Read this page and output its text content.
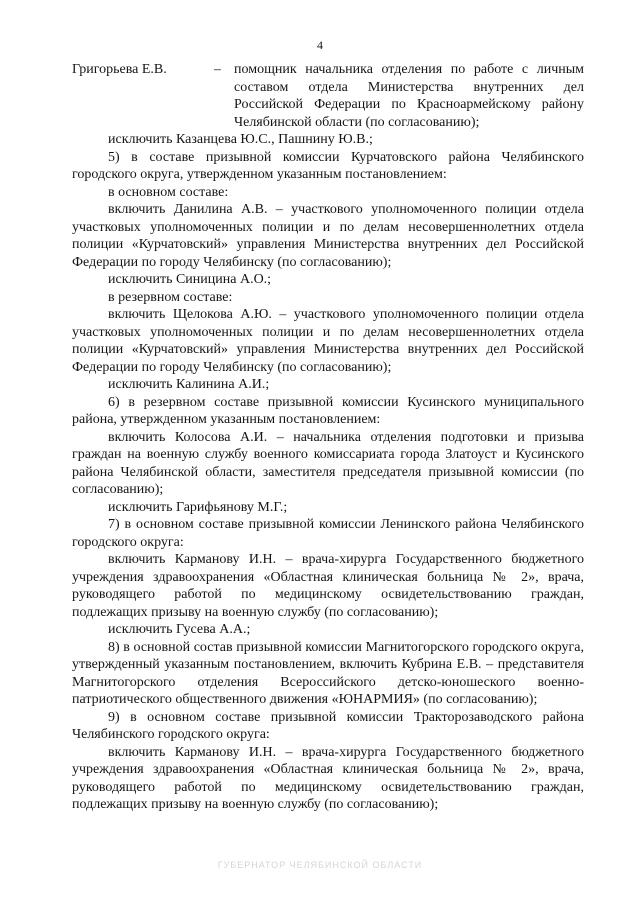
4
Григорьева Е.В.	– помощник начальника отделения по работе с личным составом отдела Министерства внутренних дел Российской Федерации по Красноармейскому району Челябинской области (по согласованию);

исключить Казанцева Ю.С., Пашнину Ю.В.;

5) в составе призывной комиссии Курчатовского района Челябинского городского округа, утвержденном указанным постановлением:

в основном составе:

включить Данилина А.В. – участкового уполномоченного полиции отдела участковых уполномоченных полиции и по делам несовершеннолетних отдела полиции «Курчатовский» управления Министерства внутренних дел Российской Федерации по городу Челябинску (по согласованию);

исключить Синицина А.О.;

в резервном составе:

включить Щелокова А.Ю. – участкового уполномоченного полиции отдела участковых уполномоченных полиции и по делам несовершеннолетних отдела полиции «Курчатовский» управления Министерства внутренних дел Российской Федерации по городу Челябинску (по согласованию);

исключить Калинина А.И.;

6) в резервном составе призывной комиссии Кусинского муниципального района, утвержденном указанным постановлением:

включить Колосова А.И. – начальника отделения подготовки и призыва граждан на военную службу военного комиссариата города Златоуст и Кусинского района Челябинской области, заместителя председателя призывной комиссии (по согласованию);

исключить Гарифьянову М.Г.;

7) в основном составе призывной комиссии Ленинского района Челябинского городского округа:

включить Карманову И.Н. – врача-хирурга Государственного бюджетного учреждения здравоохранения «Областная клиническая больница № 2», врача, руководящего работой по медицинскому освидетельствованию граждан, подлежащих призыву на военную службу (по согласованию);

исключить Гусева А.А.;

8) в основной состав призывной комиссии Магнитогорского городского округа, утвержденный указанным постановлением, включить Кубрина Е.В. – представителя Магнитогорского отделения Всероссийского детско-юношеского военно-патриотического общественного движения «ЮНАРМИЯ» (по согласованию);

9) в основном составе призывной комиссии Тракторозаводского района Челябинского городского округа:

включить Карманову И.Н. – врача-хирурга Государственного бюджетного учреждения здравоохранения «Областная клиническая больница № 2», врача, руководящего работой по медицинскому освидетельствованию граждан, подлежащих призыву на военную службу (по согласованию);

ГУБЕРНАТОР ЧЕЛЯБИНСКОЙ ОБЛАСТИ
